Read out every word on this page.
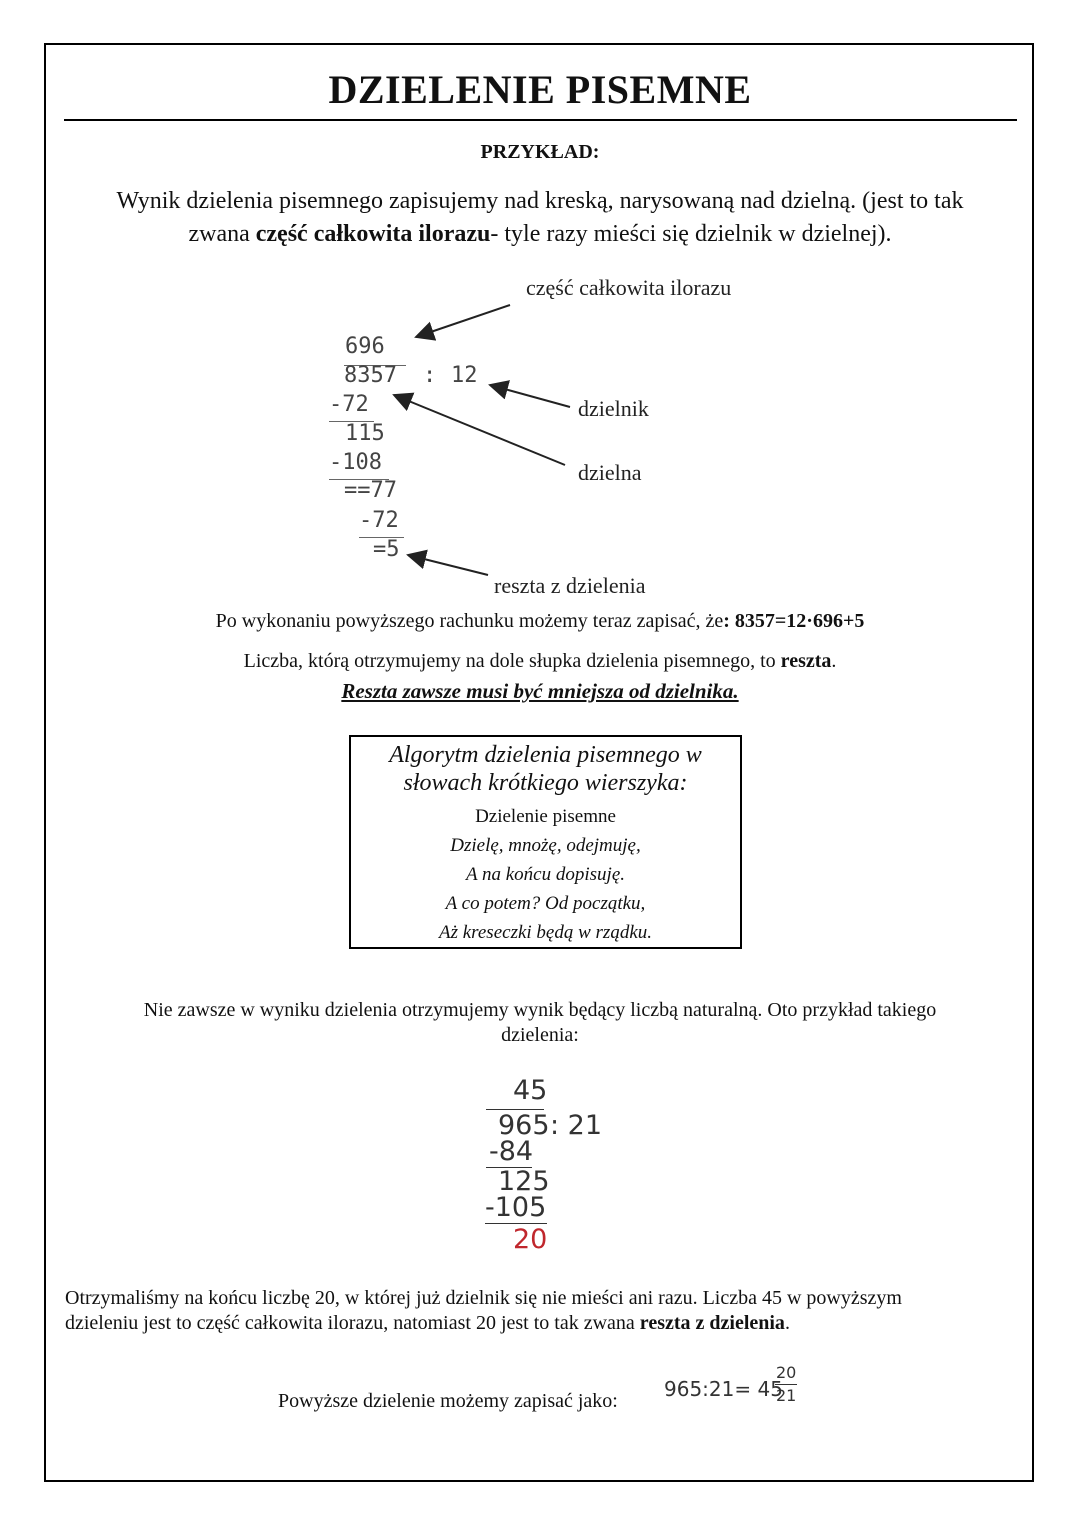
DZIELENIE PISEMNE
PRZYKŁAD:
Wynik dzielenia pisemnego zapisujemy nad kreską, narysowaną nad dzielną. (jest to tak
zwana część całkowita ilorazu- tyle razy mieści się dzielnik w dzielnej).
696
8357 : 12
-72
115
-108
==77
-72
=5
część całkowita ilorazu
dzielnik
dzielna
reszta z dzielenia
Po wykonaniu powyższego rachunku możemy teraz zapisać, że: 8357=12·696+5
Liczba, którą otrzymujemy na dole słupka dzielenia pisemnego, to reszta.
Reszta zawsze musi być mniejsza od dzielnika.
Algorytm dzielenia pisemnego w
słowach krótkiego wierszyka:
Dzielenie pisemne
Dzielę, mnożę, odejmuję,
A na końcu dopisuję.
A co potem? Od początku,
Aż kreseczki będą w rządku.
Nie zawsze w wyniku dzielenia otrzymujemy wynik będący liczbą naturalną. Oto przykład takiego
dzielenia:
45
965 : 21
-84
125
-105
20
Otrzymaliśmy na końcu liczbę 20, w której już dzielnik się nie mieści ani razu. Liczba 45 w powyższym
dzieleniu jest to część całkowita ilorazu, natomiast 20 jest to tak zwana reszta z dzielenia.
Powyższe dzielenie możemy zapisać jako: 965:21= 45
20
21
